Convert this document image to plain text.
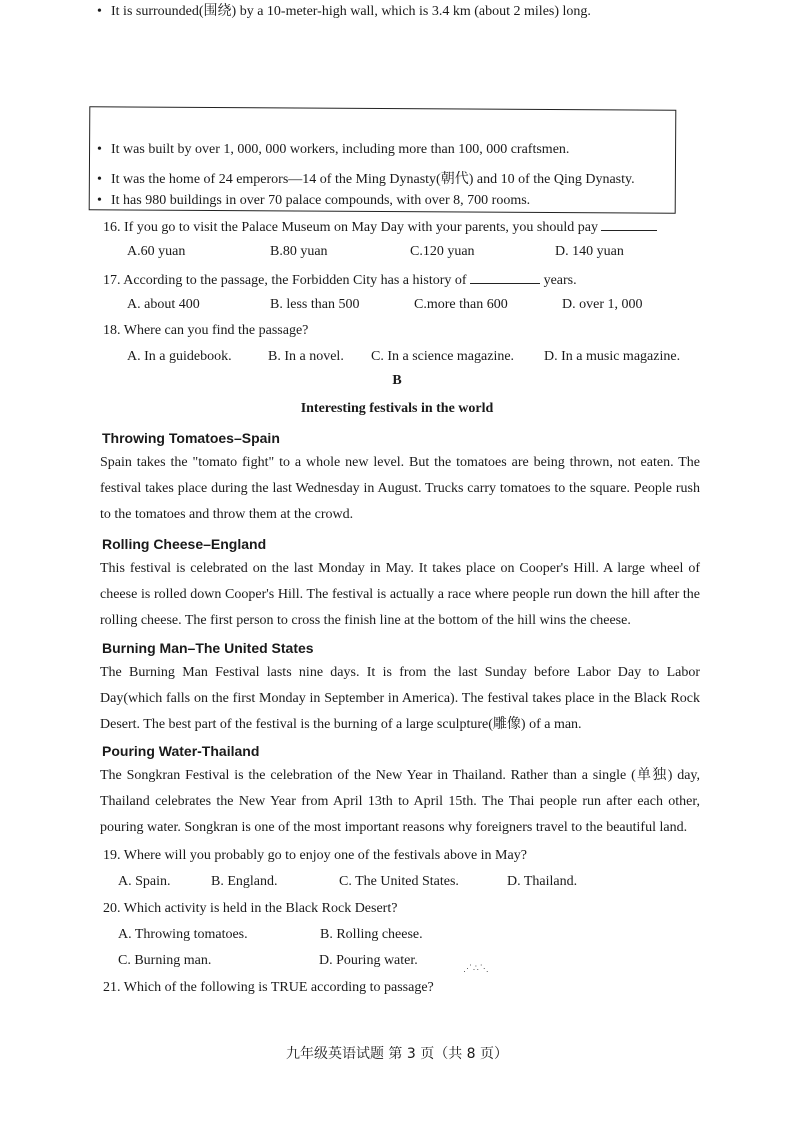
• It was built by over 1, 000, 000 workers, including more than 100, 000 craftsmen.
• It was the home of 24 emperors—14 of the Ming Dynasty(朝代) and 10 of the Qing Dynasty.
• It has 980 buildings in over 70 palace compounds, with over 8, 700 rooms.
• It is surrounded(围绕) by a 10-meter-high wall, which is 3.4 km (about 2 miles) long.
16. If you go to visit the Palace Museum on May Day with your parents, you should pay
A.60 yuan	B.80 yuan	C.120 yuan	D. 140 yuan
17. According to the passage, the Forbidden City has a history of	years.
A. about 400	B. less than 500	C.more than 600	D. over 1, 000
18. Where can you find the passage?
A. In a guidebook.	B. In a novel. C. In a science magazine. D. In a music magazine.
B
Interesting festivals in the world
Throwing Tomatoes–Spain
Spain takes the "tomato fight" to a whole new level. But the tomatoes are being thrown, not eaten. The festival takes place during the last Wednesday in August. Trucks carry tomatoes to the square. People rush to the tomatoes and throw them at the crowd.
Rolling Cheese–England
This festival is celebrated on the last Monday in May. It takes place on Cooper's Hill. A large wheel of cheese is rolled down Cooper's Hill. The festival is actually a race where people run down the hill after the rolling cheese. The first person to cross the finish line at the bottom of the hill wins the cheese.
Burning Man–The United States
The Burning Man Festival lasts nine days. It is from the last Sunday before Labor Day to Labor Day(which falls on the first Monday in September in America). The festival takes place in the Black Rock Desert. The best part of the festival is the burning of a large sculpture(雕像) of a man.
Pouring Water-Thailand
The Songkran Festival is the celebration of the New Year in Thailand. Rather than a single (单独) day, Thailand celebrates the New Year from April 13th to April 15th. The Thai people run after each other, pouring water. Songkran is one of the most important reasons why foreigners travel to the beautiful land.
19. Where will you probably go to enjoy one of the festivals above in May?
A. Spain.	B. England.	C. The United States.	D. Thailand.
20. Which activity is held in the Black Rock Desert?
A. Throwing tomatoes.	B. Rolling cheese.
C. Burning man.	D. Pouring water.	⋰∴⋱
21. Which of the following is TRUE according to passage?
九年级英语试题 第 3 页（共 8 页）
